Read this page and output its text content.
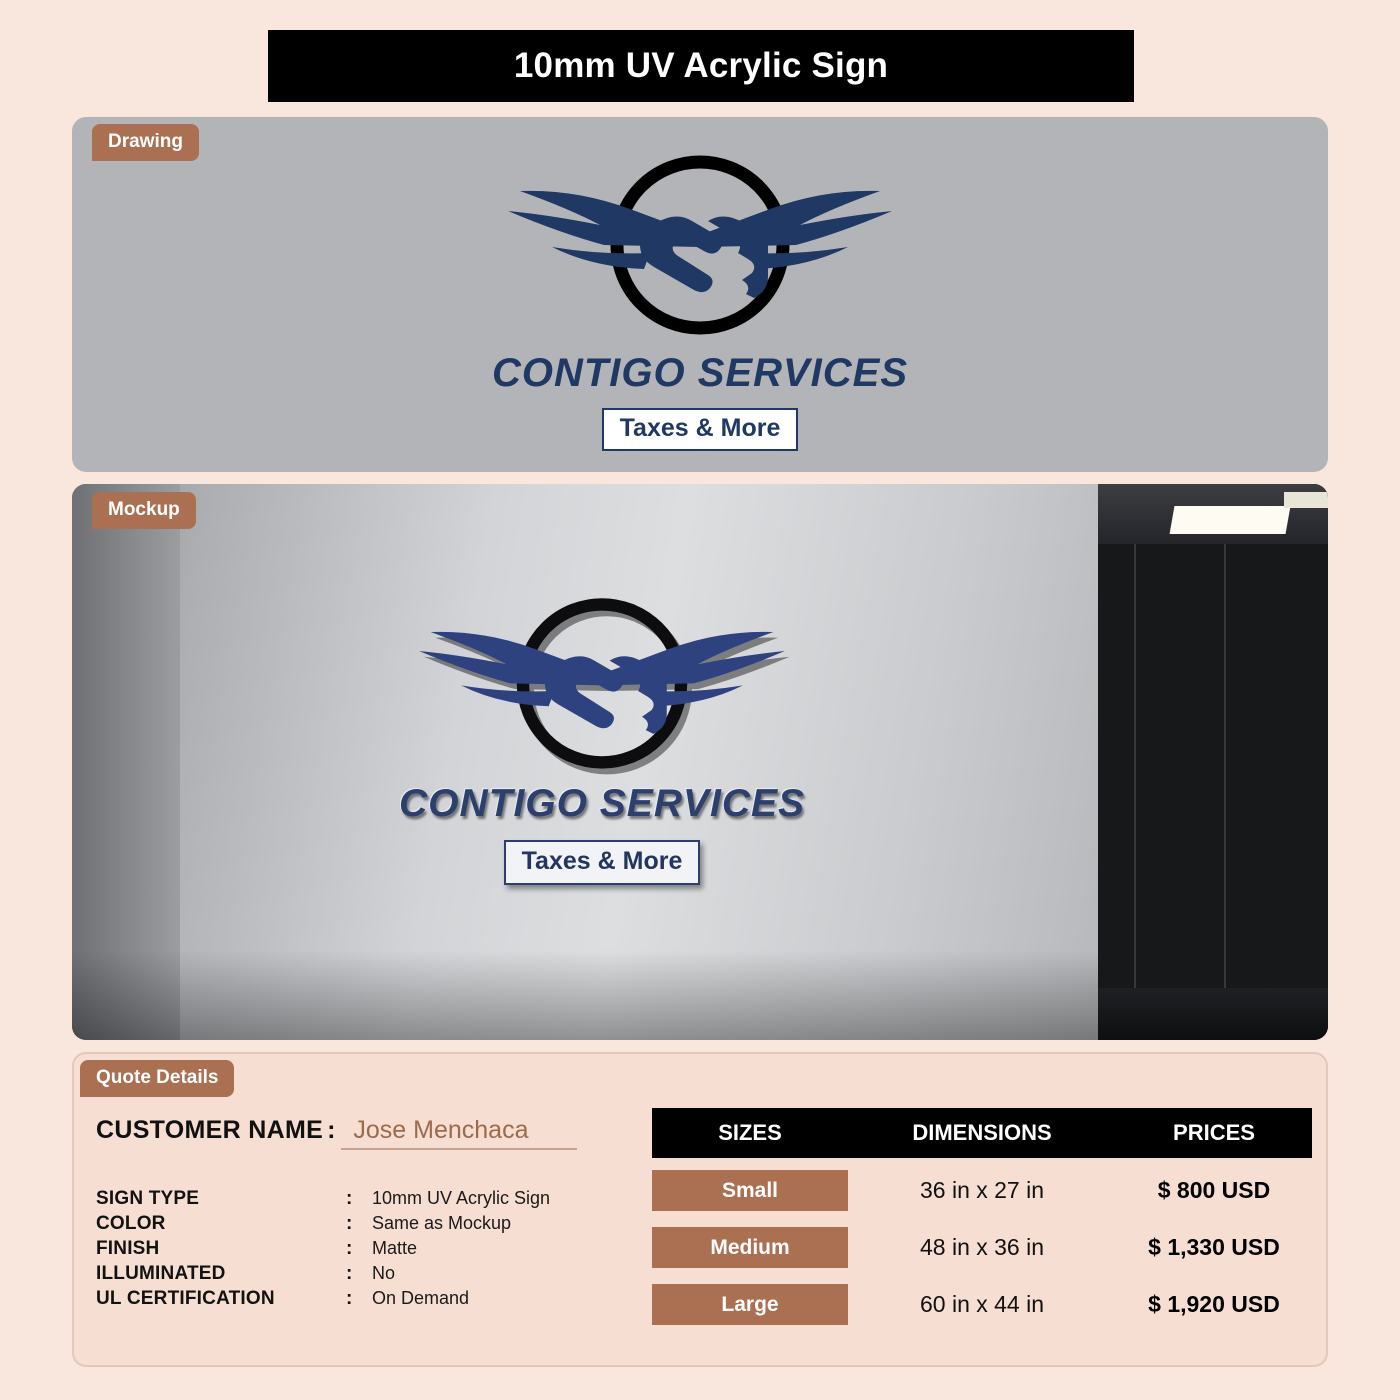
10mm UV Acrylic Sign
Drawing
CONTIGO SERVICES
Taxes & More
Mockup
CONTIGO SERVICES
Taxes & More
Quote Details
CUSTOMER NAME : Jose Menchaca
SIGN TYPE	:	10mm UV Acrylic Sign
COLOR	:	Same as Mockup
FINISH	:	Matte
ILLUMINATED	:	No
UL CERTIFICATION	:	On Demand
SIZES	DIMENSIONS	PRICES
Small	36 in x 27 in	$ 800 USD
Medium	48 in x 36 in	$ 1,330 USD
Large	60 in x 44 in	$ 1,920 USD
